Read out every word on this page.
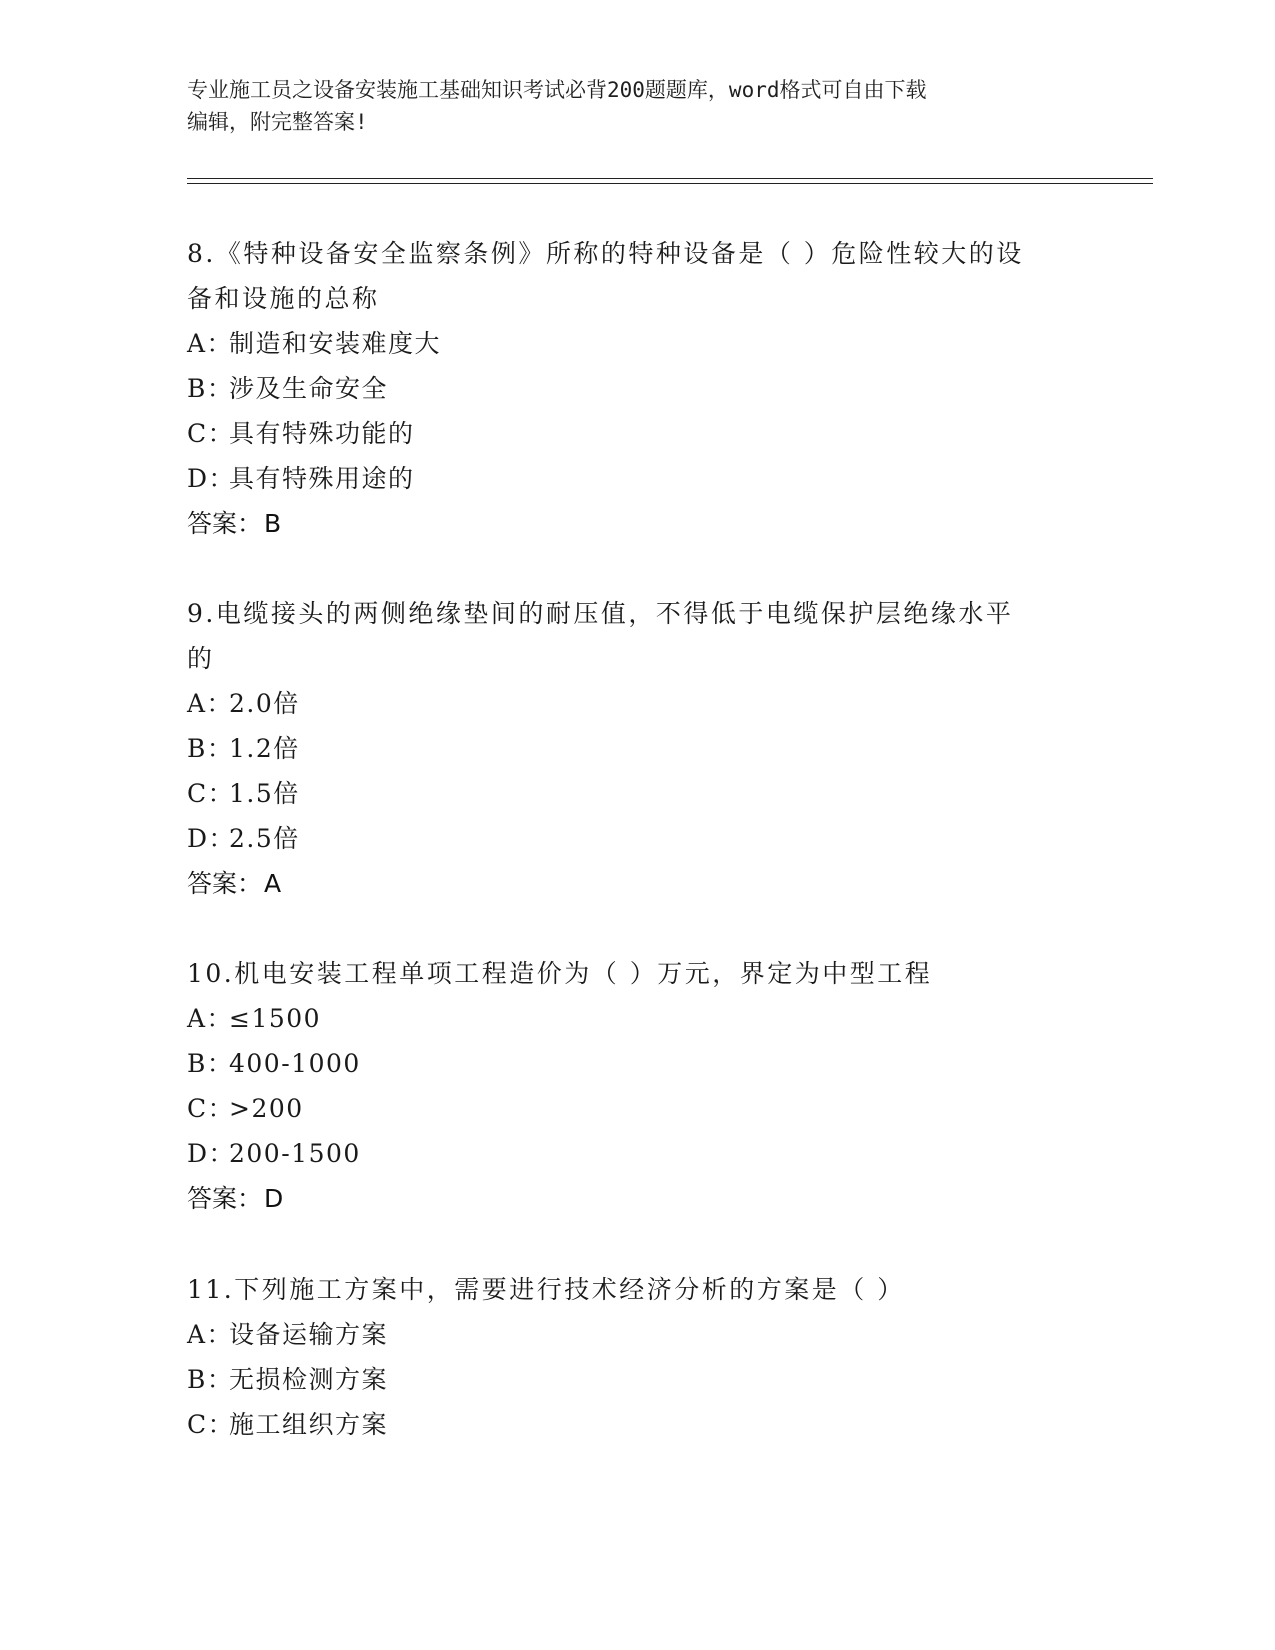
专业施工员之设备安装施工基础知识考试必背200题题库，word格式可自由下载
编辑，附完整答案!
8.《特种设备安全监察条例》所称的特种设备是（ ）危险性较大的设
备和设施的总称
A：制造和安装难度大
B：涉及生命安全
C：具有特殊功能的
D：具有特殊用途的
答案：B
9.电缆接头的两侧绝缘垫间的耐压值，不得低于电缆保护层绝缘水平
的
A：2.0倍
B：1.2倍
C：1.5倍
D：2.5倍
答案：A
10.机电安装工程单项工程造价为（ ）万元，界定为中型工程
A：≤1500
B：400-1000
C：>200
D：200-1500
答案：D
11.下列施工方案中，需要进行技术经济分析的方案是（ ）
A：设备运输方案
B：无损检测方案
C：施工组织方案
